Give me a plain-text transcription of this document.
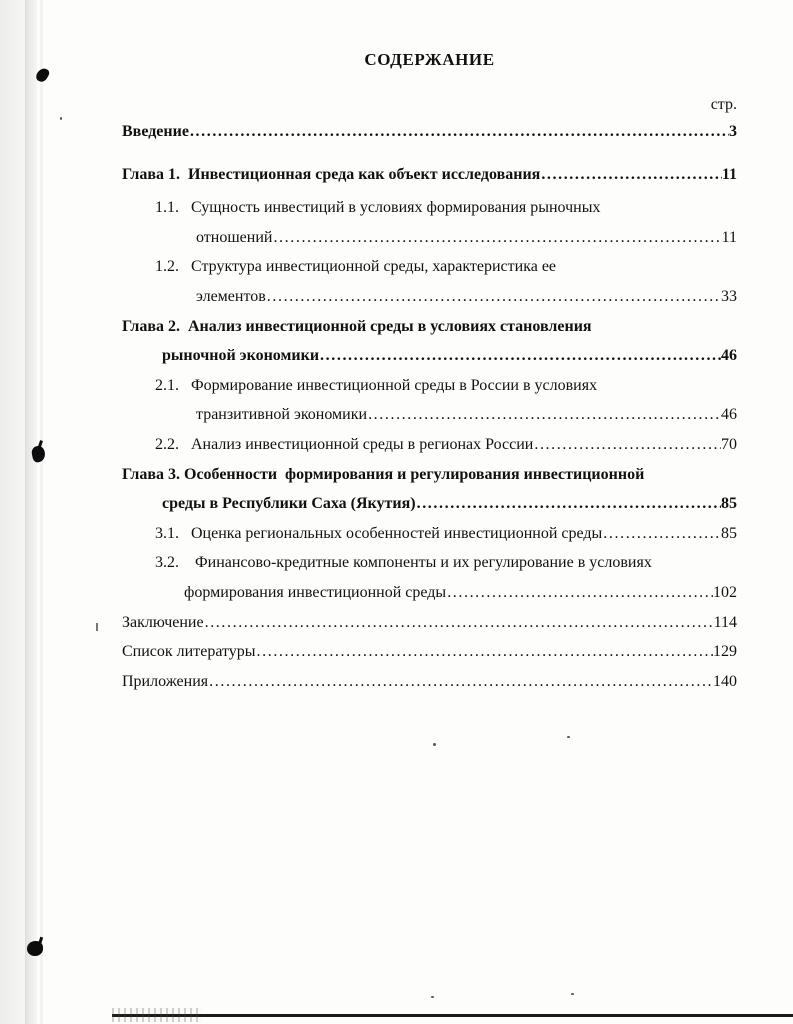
СОДЕРЖАНИЕ
стр.
Введение .....	3
Глава 1.  Инвестиционная среда как объект исследования .....	11
1.1.   Сущность инвестиций в условиях формирования рыночных
отношений .....	11
1.2.   Структура инвестиционной среды, характеристика ее
элементов .....	33
Глава 2.  Анализ инвестиционной среды в условиях становления
рыночной экономики .....	46
2.1.   Формирование инвестиционной среды в России в условиях
транзитивной экономики .....	46
2.2.   Анализ инвестиционной среды в регионах России .....	70
Глава 3. Особенности  формирования и регулирования инвестиционной
среды в Республики Саха (Якутия) .....	85
3.1.   Оценка региональных особенностей инвестиционной среды .....	85
3.2.    Финансово-кредитные компоненты и их регулирование в условиях
формирования инвестиционной среды .....	102
Заключение .....	114
Список литературы .....	129
Приложения .....	140
